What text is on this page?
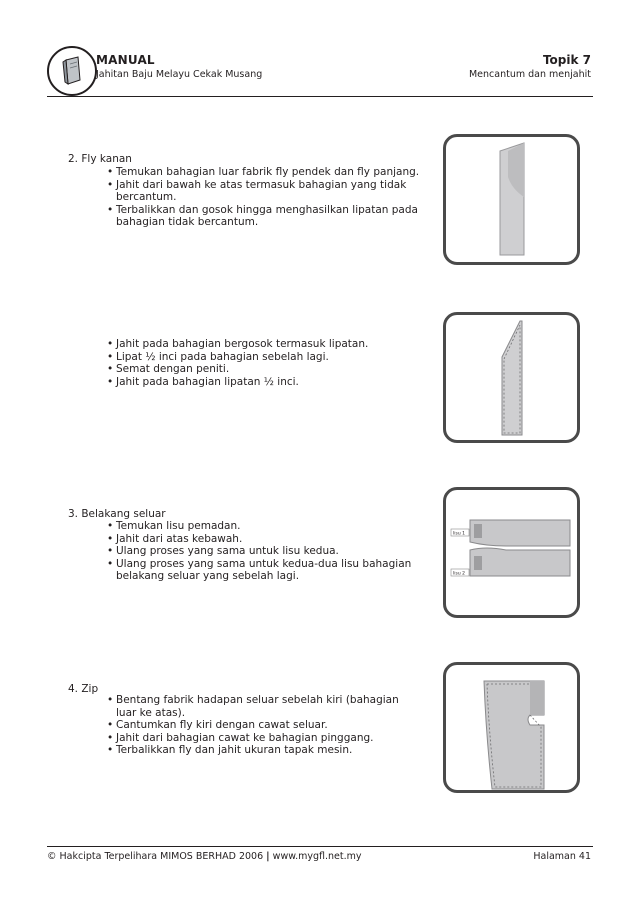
MANUAL
Jahitan Baju Melayu Cekak Musang
Topik 7
Mencantum dan menjahit
2. Fly kanan
• Temukan bahagian luar fabrik fly pendek dan fly panjang.
• Jahit dari bawah ke atas termasuk bahagian yang tidak bercantum.
• Terbalikkan dan gosok hingga menghasilkan lipatan pada bahagian tidak bercantum.
• Jahit pada bahagian bergosok termasuk lipatan.
• Lipat ½ inci pada bahagian sebelah lagi.
• Semat dengan peniti.
• Jahit pada bahagian lipatan ½ inci.
3. Belakang seluar
• Temukan lisu pemadan.
• Jahit dari atas kebawah.
• Ulang proses yang sama untuk lisu kedua.
• Ulang proses yang sama untuk kedua-dua lisu bahagian belakang seluar yang sebelah lagi.
lisu 1
lisu 2
4. Zip
• Bentang fabrik hadapan seluar sebelah kiri (bahagian luar ke atas).
• Cantumkan fly kiri dengan cawat seluar.
• Jahit dari bahagian cawat ke bahagian pinggang.
• Terbalikkan fly dan jahit ukuran tapak mesin.
© Hakcipta Terpelihara MIMOS BERHAD 2006 | www.mygfl.net.my	Halaman 41
